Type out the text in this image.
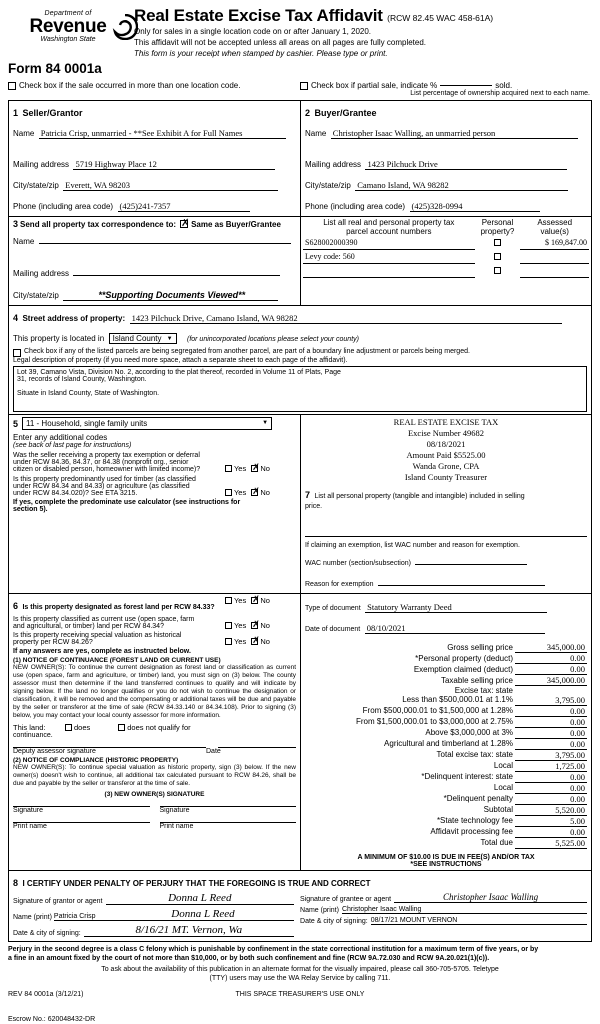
Department of
Revenue
Washington State
Real Estate Excise Tax Affidavit (RCW 82.45 WAC 458-61A)
Only for sales in a single location code on or after January 1, 2020.
This affidavit will not be accepted unless all areas on all pages are fully completed.
This form is your receipt when stamped by cashier. Please type or print.
Form 84 0001a
Check box if the sale occurred in more than one location code.	Check box if partial sale, indicate %	sold.
List percentage of ownership acquired next to each name.
1 Seller/Grantor
Name Patricia Crisp, unmarried - **See Exhibit A for Full Names
Mailing address 5719 Highway Place 12
City/state/zip Everett, WA 98203
Phone (including area code) (425)241-7357
2 Buyer/Grantee
Name Christopher Isaac Walling, an unmarried person
Mailing address 1423 Pilchuck Drive
City/state/zip Camano Island, WA 98282
Phone (including area code) (425)328-0994
3 Send all property tax correspondence to: ✗ Same as Buyer/Grantee
Name
Mailing address
City/state/zip	**Supporting Documents Viewed**
List all real and personal property tax
parcel account numbers

Personal
property?

Assessed
value(s)

S628002000390		$ 169,847.00
Levy code: 560		

4 Street address of property: 1423 Pilchuck Drive, Camano Island, WA 98282
This property is located in Island County ▼ (for unincorporated locations please select your county)
Check box if any of the listed parcels are being segregated from another parcel, are part of a boundary line adjustment or parcels being merged.
Legal description of property (if you need more space, attach a separate sheet to each page of the affidavit).
Lot 39, Camano Vista, Division No. 2, according to the plat thereof, recorded in Volume 11 of Plats, Page
31, records of Island County, Washington.
Situate in Island County, State of Washington.
5	11 - Household, single family units	▼
Enter any additional codes
(see back of last page for instructions)
Was the seller receiving a property tax exemption or deferral
under RCW 84.36, 84.37, or 84.38 (nonprofit org., senior
citizen or disabled person, homeowner with limited income)?	Yes ✗ No
Is this property predominantly used for timber (as classified
under RCW 84.34 and 84.33) or agriculture (as classified
under RCW 84.34.020)? See ETA 3215.	Yes ✗ No
If yes, complete the predominate use calculator (see instructions for
section 5).
REAL ESTATE EXCISE TAX
Excise Number 49682
08/18/2021
Amount Paid $5525.00
Wanda Grone, CPA
Island County Treasurer
7 List all personal property (tangible and intangible) included in selling
price.
If claiming an exemption, list WAC number and reason for exemption.
WAC number (section/subsection)
Reason for exemption
6 Is this property designated as forest land per RCW 84.33?
Yes ✗ No
Is this property classified as current use (open space, farm
and agricultural, or timber) land per RCW 84.34?	Yes ✗ No
Is this property receiving special valuation as historical
property per RCW 84.26?	Yes ✗ No
If any answers are yes, complete as instructed below.
(1) NOTICE OF CONTINUANCE (FOREST LAND OR CURRENT USE)
NEW OWNER(S): To continue the current designation as forest land or classification as current use (open space, farm and agriculture, or timber) land, you must sign on (3) below. The county assessor must then determine if the land transferred continues to qualify and will indicate by signing below. If the land no longer qualifies or you do not wish to continue the designation or classification, it will be removed and the compensating or additional taxes will be due and payable by the seller or transferor at the time of sale (RCW 84.33.140 or 84.34.108). Prior to signing (3) below, you may contact your local county assessor for more information.
This land:	does	does not qualify for
continuance.
Deputy assessor signature	Date
(2) NOTICE OF COMPLIANCE (HISTORIC PROPERTY)
NEW OWNER(S): To continue special valuation as historic property, sign (3) below. If the new owner(s) doesn't wish to continue, all additional tax calculated pursuant to RCW 84.26, shall be due and payable by the seller or transferor at the time of sale.
(3) NEW OWNER(S) SIGNATURE
Signature	Signature
Print name	Print name
Type of document Statutory Warranty Deed
Date of document 08/10/2021
Gross selling price	345,000.00
*Personal property (deduct)	0.00
Exemption claimed (deduct)	0.00
Taxable selling price	345,000.00
Excise tax: state	
Less than $500,000.01 at 1.1%	3,795.00
From $500,000.01 to $1,500,000 at 1.28%	0.00
From $1,500,000.01 to $3,000,000 at 2.75%	0.00
Above $3,000,000 at 3%	0.00
Agricultural and timberland at 1.28%	0.00
Total excise tax: state	3,795.00
Local	1,725.00
*Delinquent interest: state	0.00
Local	0.00
*Delinquent penalty	0.00
Subtotal	5,520.00
*State technology fee	5.00
Affidavit processing fee	0.00
Total due	5,525.00
A MINIMUM OF $10.00 IS DUE IN FEE(S) AND/OR TAX
*SEE INSTRUCTIONS
8 I CERTIFY UNDER PENALTY OF PERJURY THAT THE FOREGOING IS TRUE AND CORRECT
Signature of grantor or agent	Donna L Reed
Name (print) Patricia Crisp	Donna L Reed
Date & city of signing:	8/16/21 MT. Vernon, Wa
Signature of grantee or agent	Christopher Isaac Walling
Name (print) Christopher Isaac Walling
Date & city of signing: 08/17/21 MOUNT VERNON
Perjury in the second degree is a class C felony which is punishable by confinement in the state correctional institution for a maximum term of five years, or by
a fine in an amount fixed by the court of not more than $10,000, or by both such confinement and fine (RCW 9A.72.030 and RCW 9A.20.021(1)(c)).
To ask about the availability of this publication in an alternate format for the visually impaired, please call 360-705-5705. Teletype
(TTY) users may use the WA Relay Service by calling 711.
REV 84 0001a (3/12/21)	THIS SPACE TREASURER'S USE ONLY
Escrow No.: 620048432-DR
